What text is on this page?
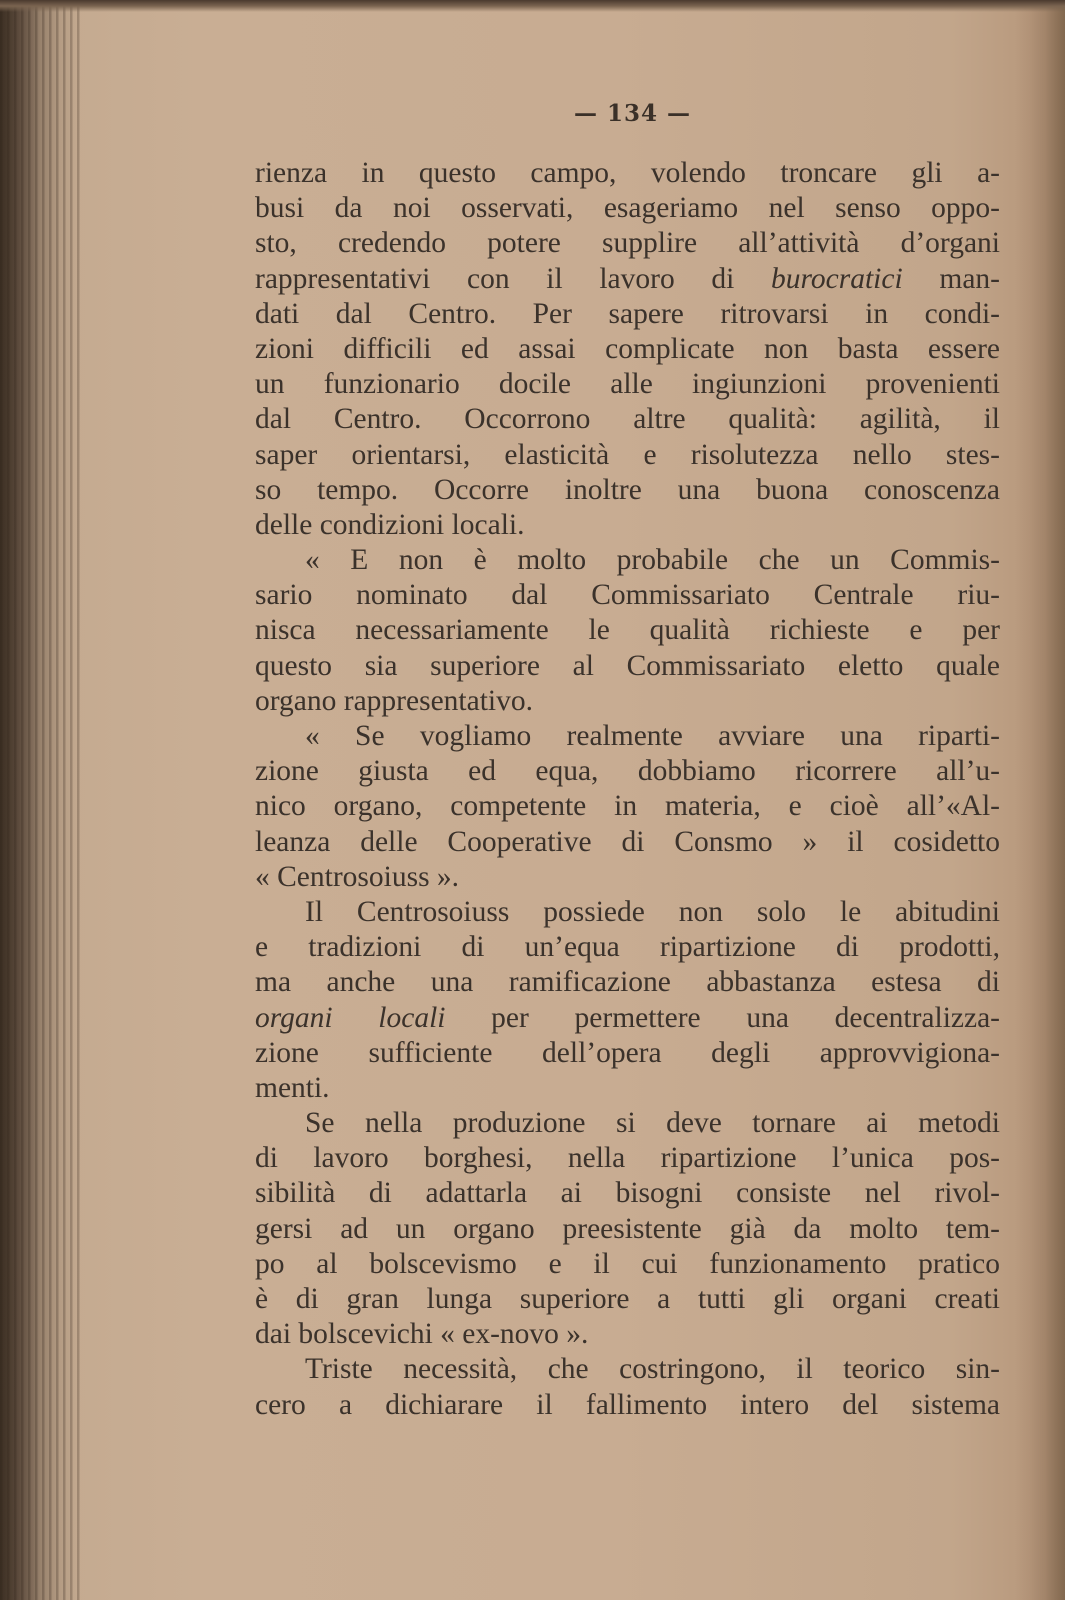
— 134 —
rienza in questo campo, volendo troncare gli a-
busi da noi osservati, esageriamo nel senso oppo-
sto, credendo potere supplire all’attività d’organi
rappresentativi con il lavoro di burocratici man-
dati dal Centro. Per sapere ritrovarsi in condi-
zioni difficili ed assai complicate non basta essere
un funzionario docile alle ingiunzioni provenienti
dal Centro. Occorrono altre qualità: agilità, il
saper orientarsi, elasticità e risolutezza nello stes-
so tempo. Occorre inoltre una buona conoscenza
delle condizioni locali.
« E non è molto probabile che un Commis-
sario nominato dal Commissariato Centrale riu-
nisca necessariamente le qualità richieste e per
questo sia superiore al Commissariato eletto quale
organo rappresentativo.
« Se vogliamo realmente avviare una riparti-
zione giusta ed equa, dobbiamo ricorrere all’u-
nico organo, competente in materia, e cioè all’«Al-
leanza delle Cooperative di Consmo » il cosidetto
« Centrosoiuss ».
Il Centrosoiuss possiede non solo le abitudini
e tradizioni di un’equa ripartizione di prodotti,
ma anche una ramificazione abbastanza estesa di
organi locali per permettere una decentralizza-
zione sufficiente dell’opera degli approvvigiona-
menti.
Se nella produzione si deve tornare ai metodi
di lavoro borghesi, nella ripartizione l’unica pos-
sibilità di adattarla ai bisogni consiste nel rivol-
gersi ad un organo preesistente già da molto tem-
po al bolscevismo e il cui funzionamento pratico
è di gran lunga superiore a tutti gli organi creati
dai bolscevichi « ex-novo ».
Triste necessità, che costringono, il teorico sin-
cero a dichiarare il fallimento intero del sistema
